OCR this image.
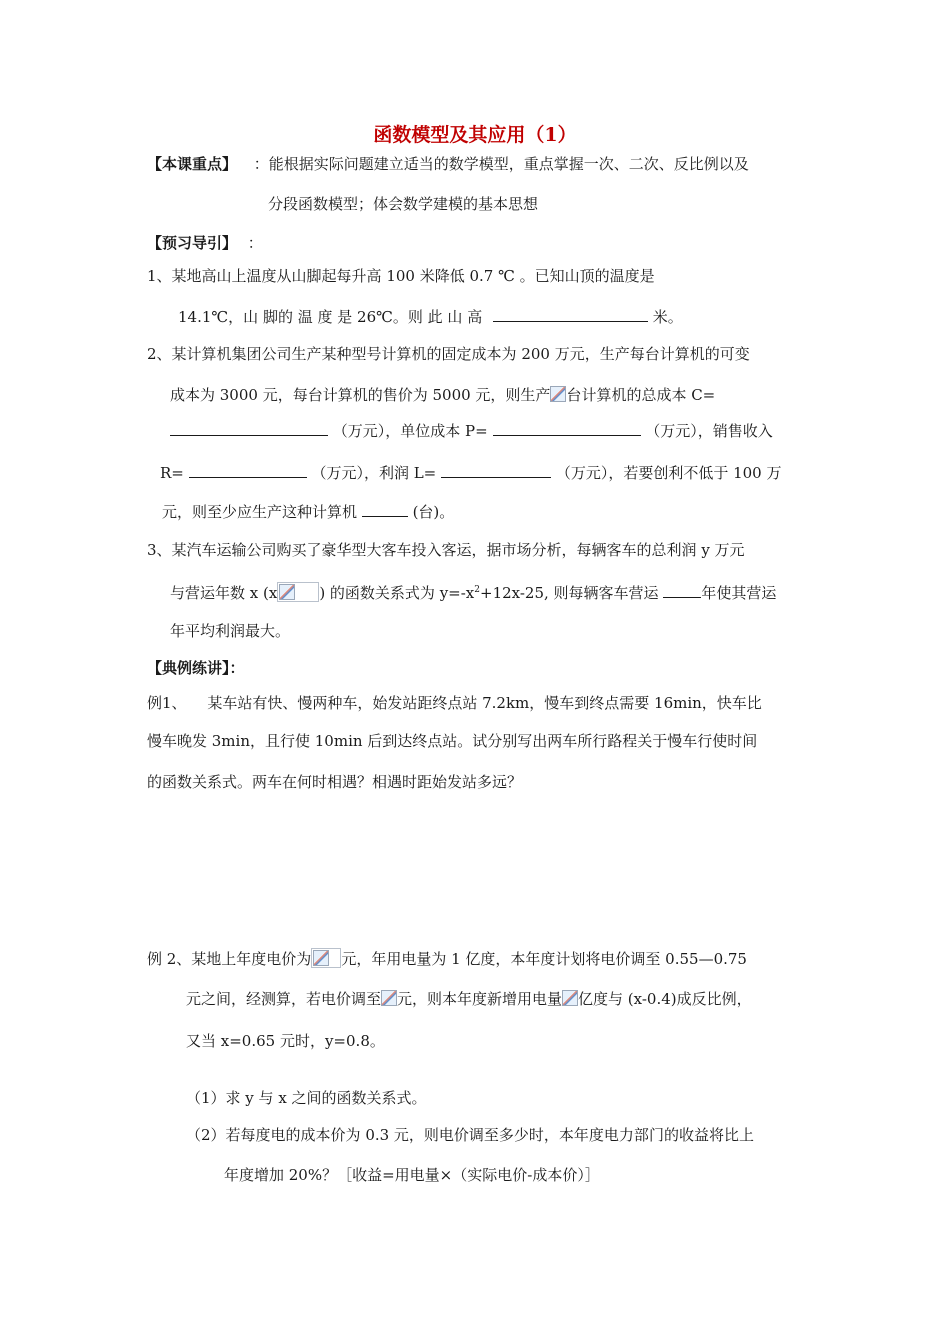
函数模型及其应用（1）
【本课重点】 ：能根据实际问题建立适当的数学模型，重点掌握一次、二次、反比例以及
分段函数模型；体会数学建模的基本思想
【预习导引】 ：
1、某地高山上温度从山脚起每升高 100 米降低 0.7 ℃ 。已知山顶的温度是
14.1℃，山 脚的 温 度 是 26℃。则 此 山 高	米。
2、某计算机集团公司生产某种型号计算机的固定成本为 200 万元，生产每台计算机的可变
成本为 3000 元，每台计算机的售价为 5000 元，则生产 台计算机的总成本 C=
（万元），单位成本 P=	（万元），销售收入
R=	（万元），利润 L=	（万元），若要创利不低于 100 万
元，则至少应生产这种计算机	(台)。
3、某汽车运输公司购买了豪华型大客车投入客运，据市场分析，每辆客车的总利润 y 万元
与营运年数 x (x	) 的函数关系式为 $y=-x^2+12x-25$, 则每辆客车营运	年使其营运
年平均利润最大。
【典例练讲】：
例1、 某车站有快、慢两种车，始发站距终点站 7.2km，慢车到终点需要 16min，快车比
慢车晚发 3min，且行使 10min 后到达终点站。试分别写出两车所行路程关于慢车行使时间
的函数关系式。两车在何时相遇？相遇时距始发站多远？
例 2、某地上年度电价为 元，年用电量为 1 亿度，本年度计划将电价调至 0.55—0.75
元之间，经测算，若电价调至 元，则本年度新增用电量 亿度与 (x-0.4)成反比例，
又当 x=0.65 元时，y=0.8。
（1）求 y 与 x 之间的函数关系式。
（2）若每度电的成本价为 0.3 元，则电价调至多少时，本年度电力部门的收益将比上
年度增加 20%？［收益=用电量×（实际电价-成本价）］
